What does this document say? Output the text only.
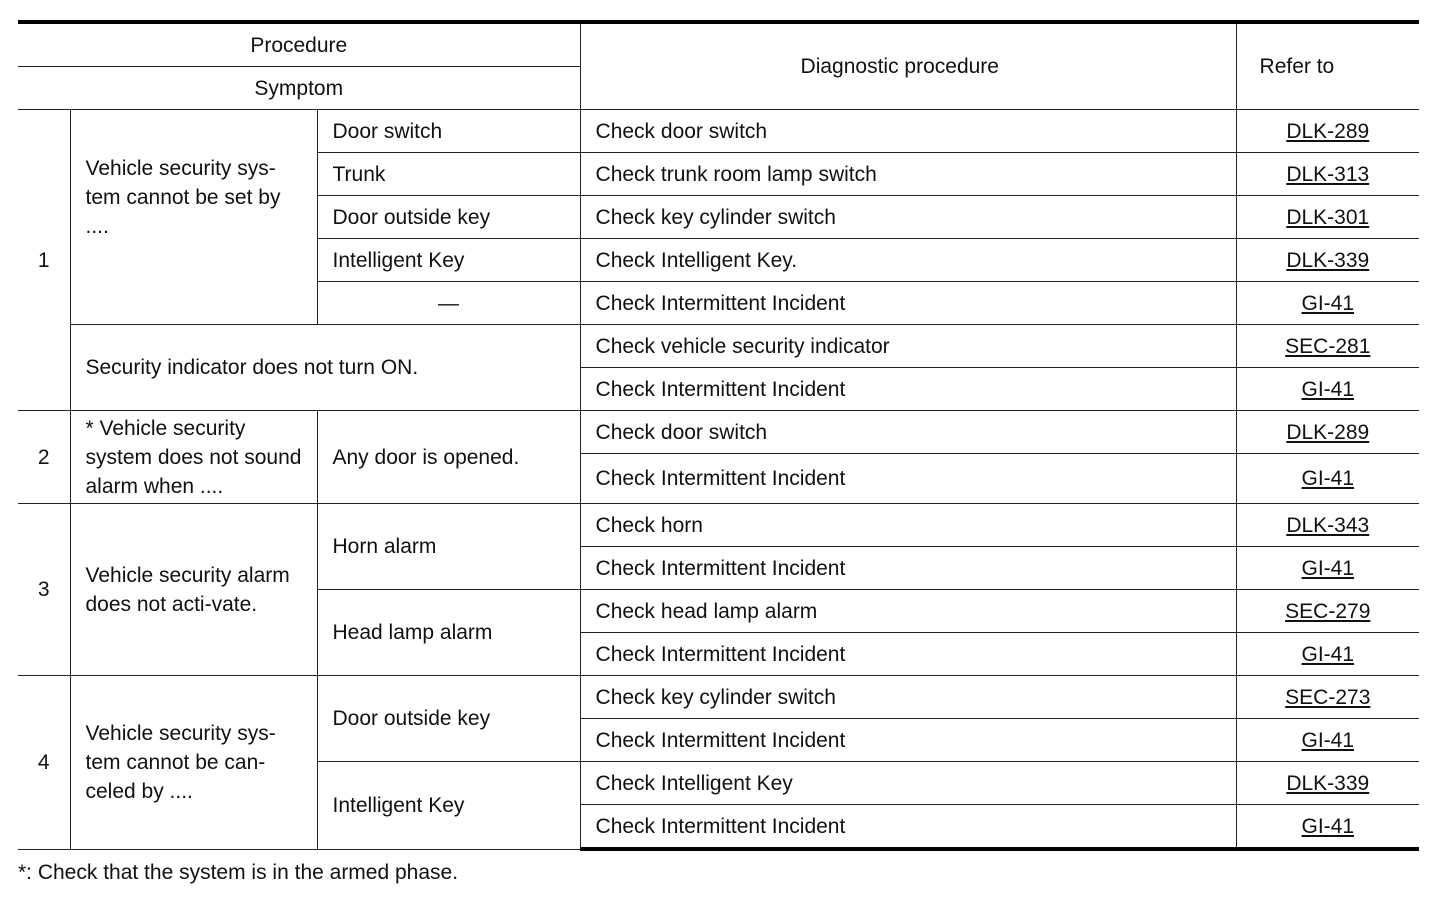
Procedure			Diagnostic procedure	Refer to
Symptom				
1	Vehicle security sys-tem cannot be set by ....	Door switch	Check door switch	DLK-289
		Trunk	Check trunk room lamp switch	DLK-313
		Door outside key	Check key cylinder switch	DLK-301
		Intelligent Key	Check Intelligent Key.	DLK-339
		—	Check Intermittent Incident	GI-41
	Security indicator does not turn ON.		Check vehicle security indicator	SEC-281
			Check Intermittent Incident	GI-41
2	* Vehicle security system does not sound alarm when ....	Any door is opened.	Check door switch	DLK-289
			Check Intermittent Incident	GI-41
3	Vehicle security alarm does not acti-vate.	Horn alarm	Check horn	DLK-343
			Check Intermittent Incident	GI-41
		Head lamp alarm	Check head lamp alarm	SEC-279
			Check Intermittent Incident	GI-41
4	Vehicle security sys-tem cannot be can-celed by ....	Door outside key	Check key cylinder switch	SEC-273
			Check Intermittent Incident	GI-41
		Intelligent Key	Check Intelligent Key	DLK-339
			Check Intermittent Incident	GI-41
*: Check that the system is in the armed phase.
